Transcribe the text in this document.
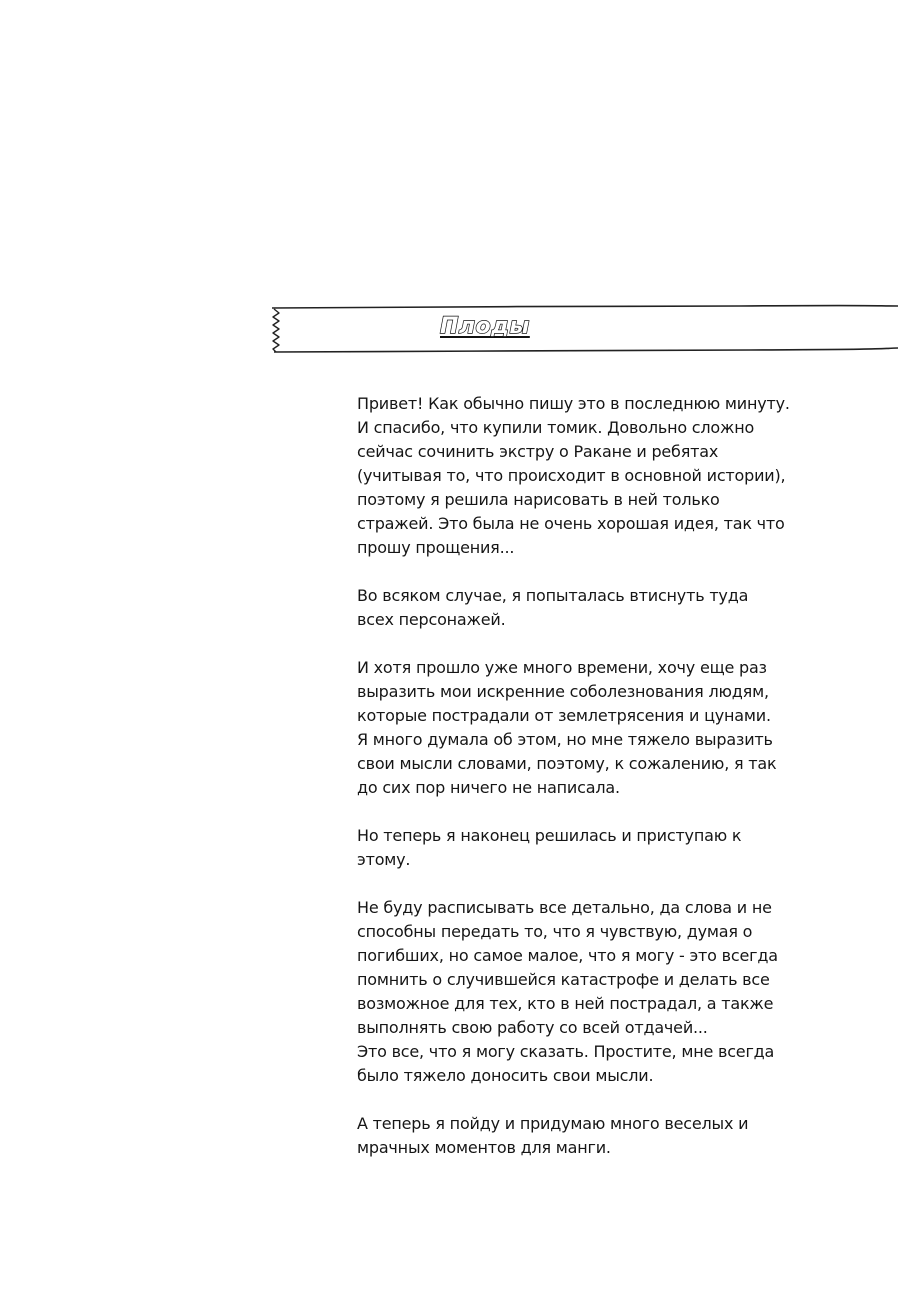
Плоды

Привет! Как обычно пишу это в последнюю минуту.
И спасибо, что купили томик. Довольно сложно
сейчас сочинить экстру о Ракане и ребятах
(учитывая то, что происходит в основной истории),
поэтому я решила нарисовать в ней только
стражей. Это была не очень хорошая идея, так что
прошу прощения...

Во всяком случае, я попыталась втиснуть туда
всех персонажей.

И хотя прошло уже много времени, хочу еще раз
выразить мои искренние соболезнования людям,
которые пострадали от землетрясения и цунами.
Я много думала об этом, но мне тяжело выразить
свои мысли словами, поэтому, к сожалению, я так
до сих пор ничего не написала.

Но теперь я наконец решилась и приступаю к
этому.

Не буду расписывать все детально, да слова и не
способны передать то, что я чувствую, думая о
погибших, но самое малое, что я могу - это всегда
помнить о случившейся катастрофе и делать все
возможное для тех, кто в ней пострадал, а также
выполнять свою работу со всей отдачей...
Это все, что я могу сказать. Простите, мне всегда
было тяжело доносить свои мысли.

А теперь я пойду и придумаю много веселых и
мрачных моментов для манги.
